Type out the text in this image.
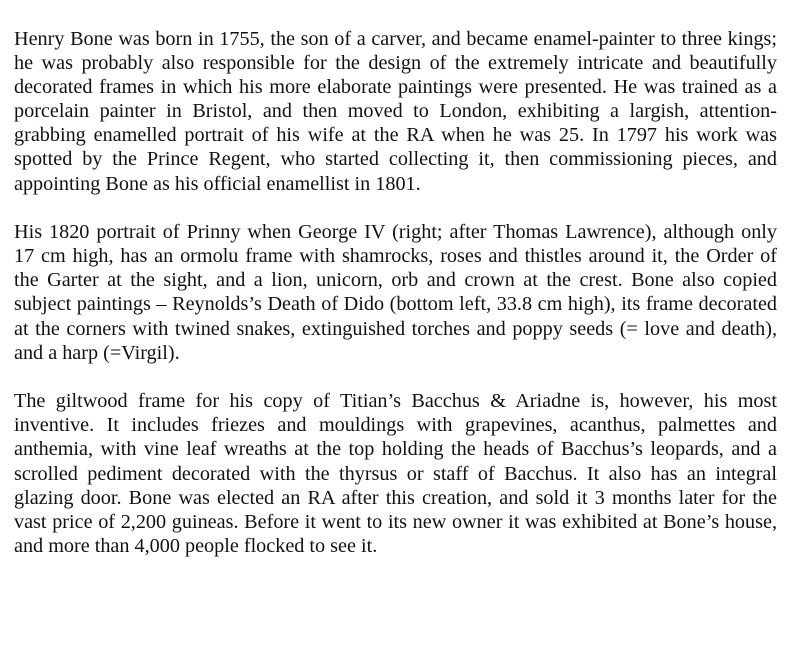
Henry Bone was born in 1755, the son of a carver, and became enamel-painter to three kings; he was probably also responsible for the design of the extremely intricate and beautifully decorated frames in which his more elaborate paintings were presented. He was trained as a porcelain painter in Bristol, and then moved to London, exhibiting a largish, attention-grabbing enamelled portrait of his wife at the RA when he was 25. In 1797 his work was spotted by the Prince Regent, who started collecting it, then commissioning pieces, and appointing Bone as his official enamellist in 1801.

His 1820 portrait of Prinny when George IV (right; after Thomas Lawrence), although only 17 cm high, has an ormolu frame with shamrocks, roses and thistles around it, the Order of the Garter at the sight, and a lion, unicorn, orb and crown at the crest. Bone also copied subject paintings – Reynolds’s Death of Dido (bottom left, 33.8 cm high), its frame decorated at the corners with twined snakes, extinguished torches and poppy seeds (= love and death), and a harp (=Virgil).

The giltwood frame for his copy of Titian’s Bacchus & Ariadne is, however, his most inventive. It includes friezes and mouldings with grapevines, acanthus, palmettes and anthemia, with vine leaf wreaths at the top holding the heads of Bacchus’s leopards, and a scrolled pediment decorated with the thyrsus or staff of Bacchus. It also has an integral glazing door. Bone was elected an RA after this creation, and sold it 3 months later for the vast price of 2,200 guineas. Before it went to its new owner it was exhibited at Bone’s house, and more than 4,000 people flocked to see it.
